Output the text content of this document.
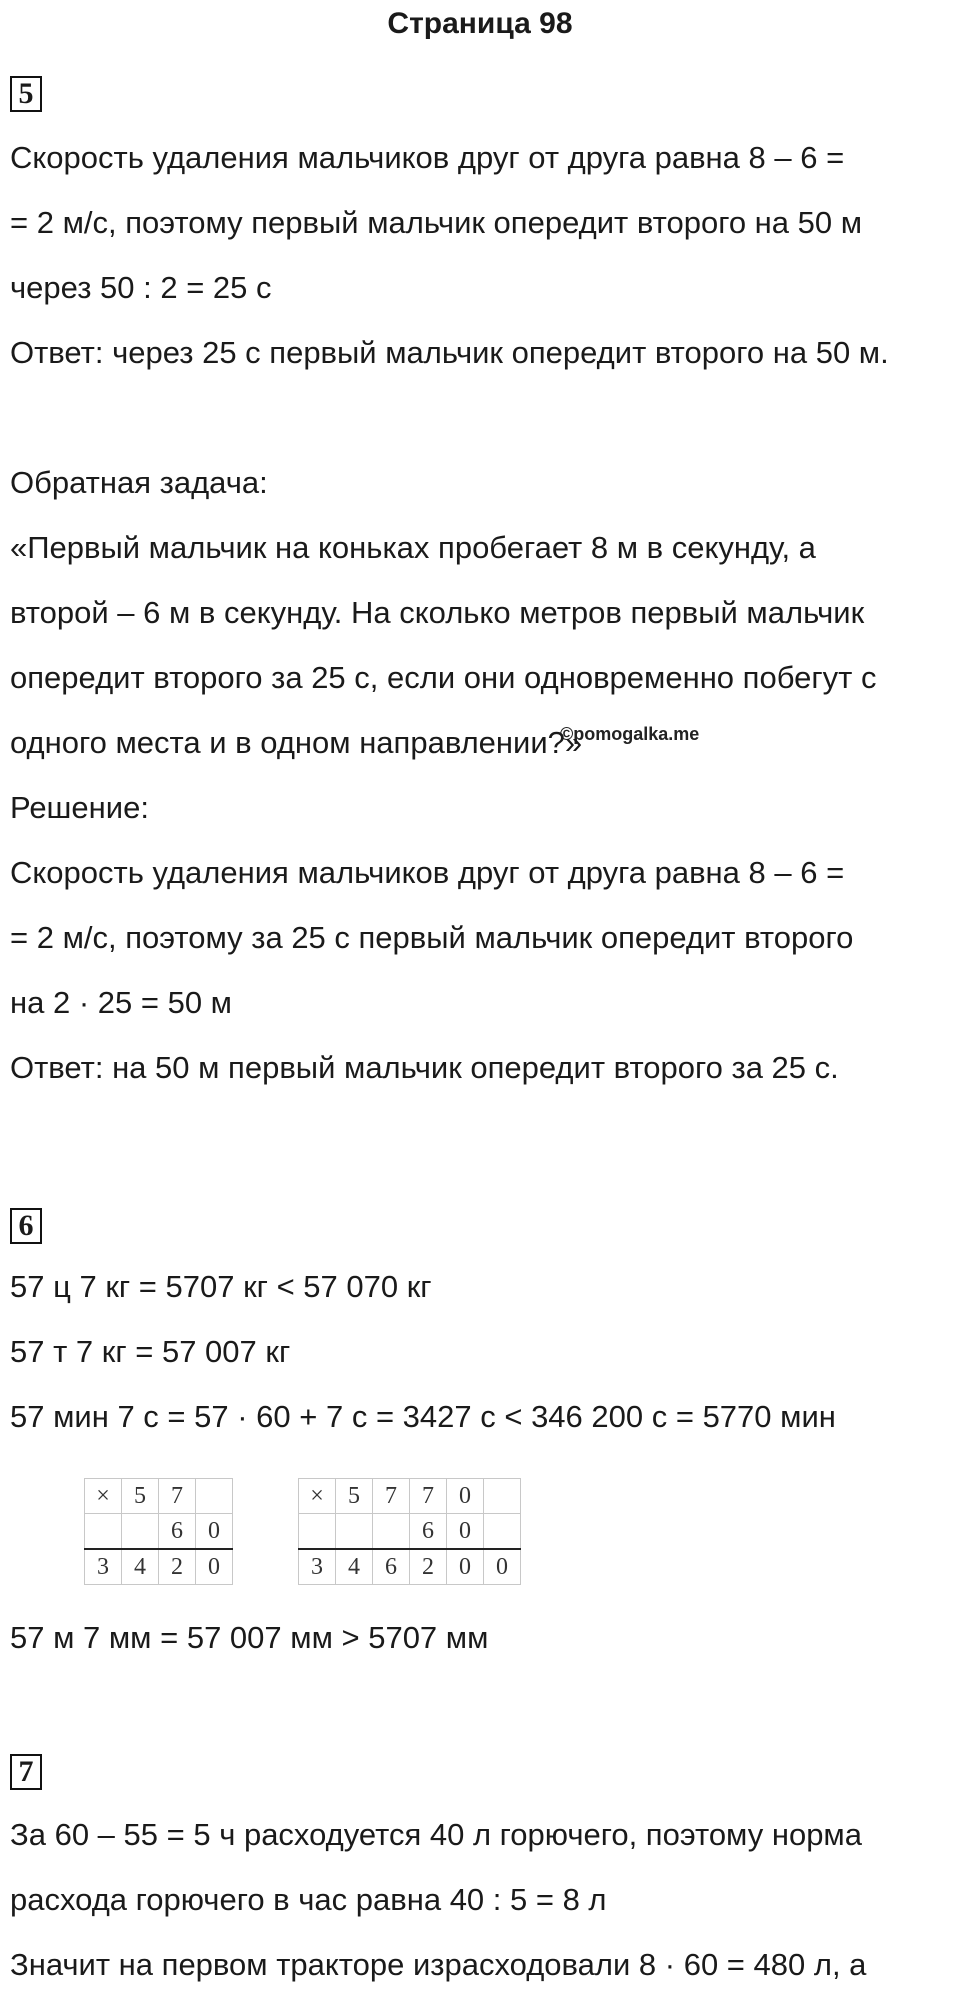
Страница 98
5
Скорость удаления мальчиков друг от друга равна 8 – 6 =
= 2 м/с, поэтому первый мальчик опередит второго на 50 м
через 50 : 2 = 25 с
Ответ: через 25 с первый мальчик опередит второго на 50 м.
Обратная задача:
«Первый мальчик на коньках пробегает 8 м в секунду, а
второй – 6 м в секунду. На сколько метров первый мальчик
опередит второго за 25 с, если они одновременно побегут с
©pomogalka.me
одного места и в одном направлении?»
Решение:
Скорость удаления мальчиков друг от друга равна 8 – 6 =
= 2 м/с, поэтому за 25 с первый мальчик опередит второго
на 2 · 25 = 50 м
Ответ: на 50 м первый мальчик опередит второго за 25 с.
6
57 ц 7 кг = 5707 кг < 57 070 кг
57 т 7 кг = 57 007 кг
57 мин 7 с = 57 · 60 + 7 с = 3427 с < 346 200 с = 5770 мин
×	5	7	
		6	0
3	4	2	0
×	5	7	7	0	
			6	0	
3	4	6	2	0	0
57 м 7 мм = 57 007 мм > 5707 мм
7
За 60 – 55 = 5 ч расходуется 40 л горючего, поэтому норма
расхода горючего в час равна 40 : 5 = 8 л
Значит на первом тракторе израсходовали 8 · 60 = 480 л, а
